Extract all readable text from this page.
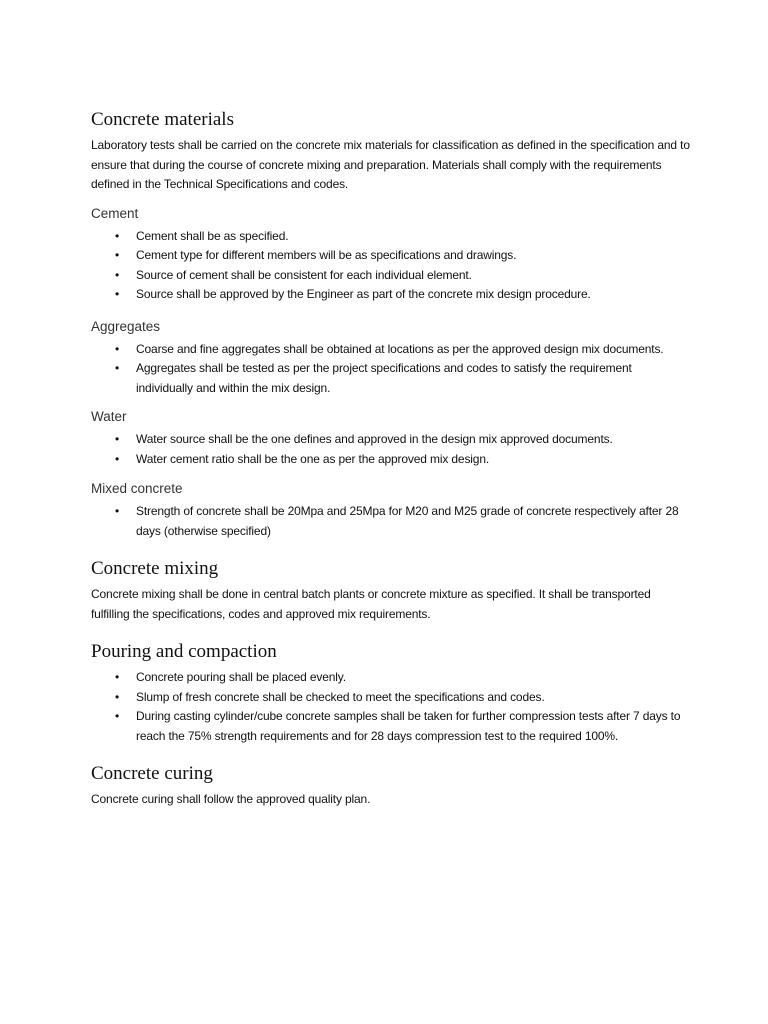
Concrete materials

Laboratory tests shall be carried on the concrete mix materials for classification as defined in the specification and to ensure that during the course of concrete mixing and preparation. Materials shall comply with the requirements defined in the Technical Specifications and codes.

Cement
• Cement shall be as specified.
• Cement type for different members will be as specifications and drawings.
• Source of cement shall be consistent for each individual element.
• Source shall be approved by the Engineer as part of the concrete mix design procedure.
Aggregates
• Coarse and fine aggregates shall be obtained at locations as per the approved design mix documents.
• Aggregates shall be tested as per the project specifications and codes to satisfy the requirement individually and within the mix design.
Water
• Water source shall be the one defines and approved in the design mix approved documents.
• Water cement ratio shall be the one as per the approved mix design.
Mixed concrete
• Strength of concrete shall be 20Mpa and 25Mpa for M20 and M25 grade of concrete respectively after 28 days (otherwise specified)
Concrete mixing

Concrete mixing shall be done in central batch plants or concrete mixture as specified. It shall be transported fulfilling the specifications, codes and approved mix requirements.

Pouring and compaction
• Concrete pouring shall be placed evenly.
• Slump of fresh concrete shall be checked to meet the specifications and codes.
• During casting cylinder/cube concrete samples shall be taken for further compression tests after 7 days to reach the 75% strength requirements and for 28 days compression test to the required 100%.
Concrete curing

Concrete curing shall follow the approved quality plan.
